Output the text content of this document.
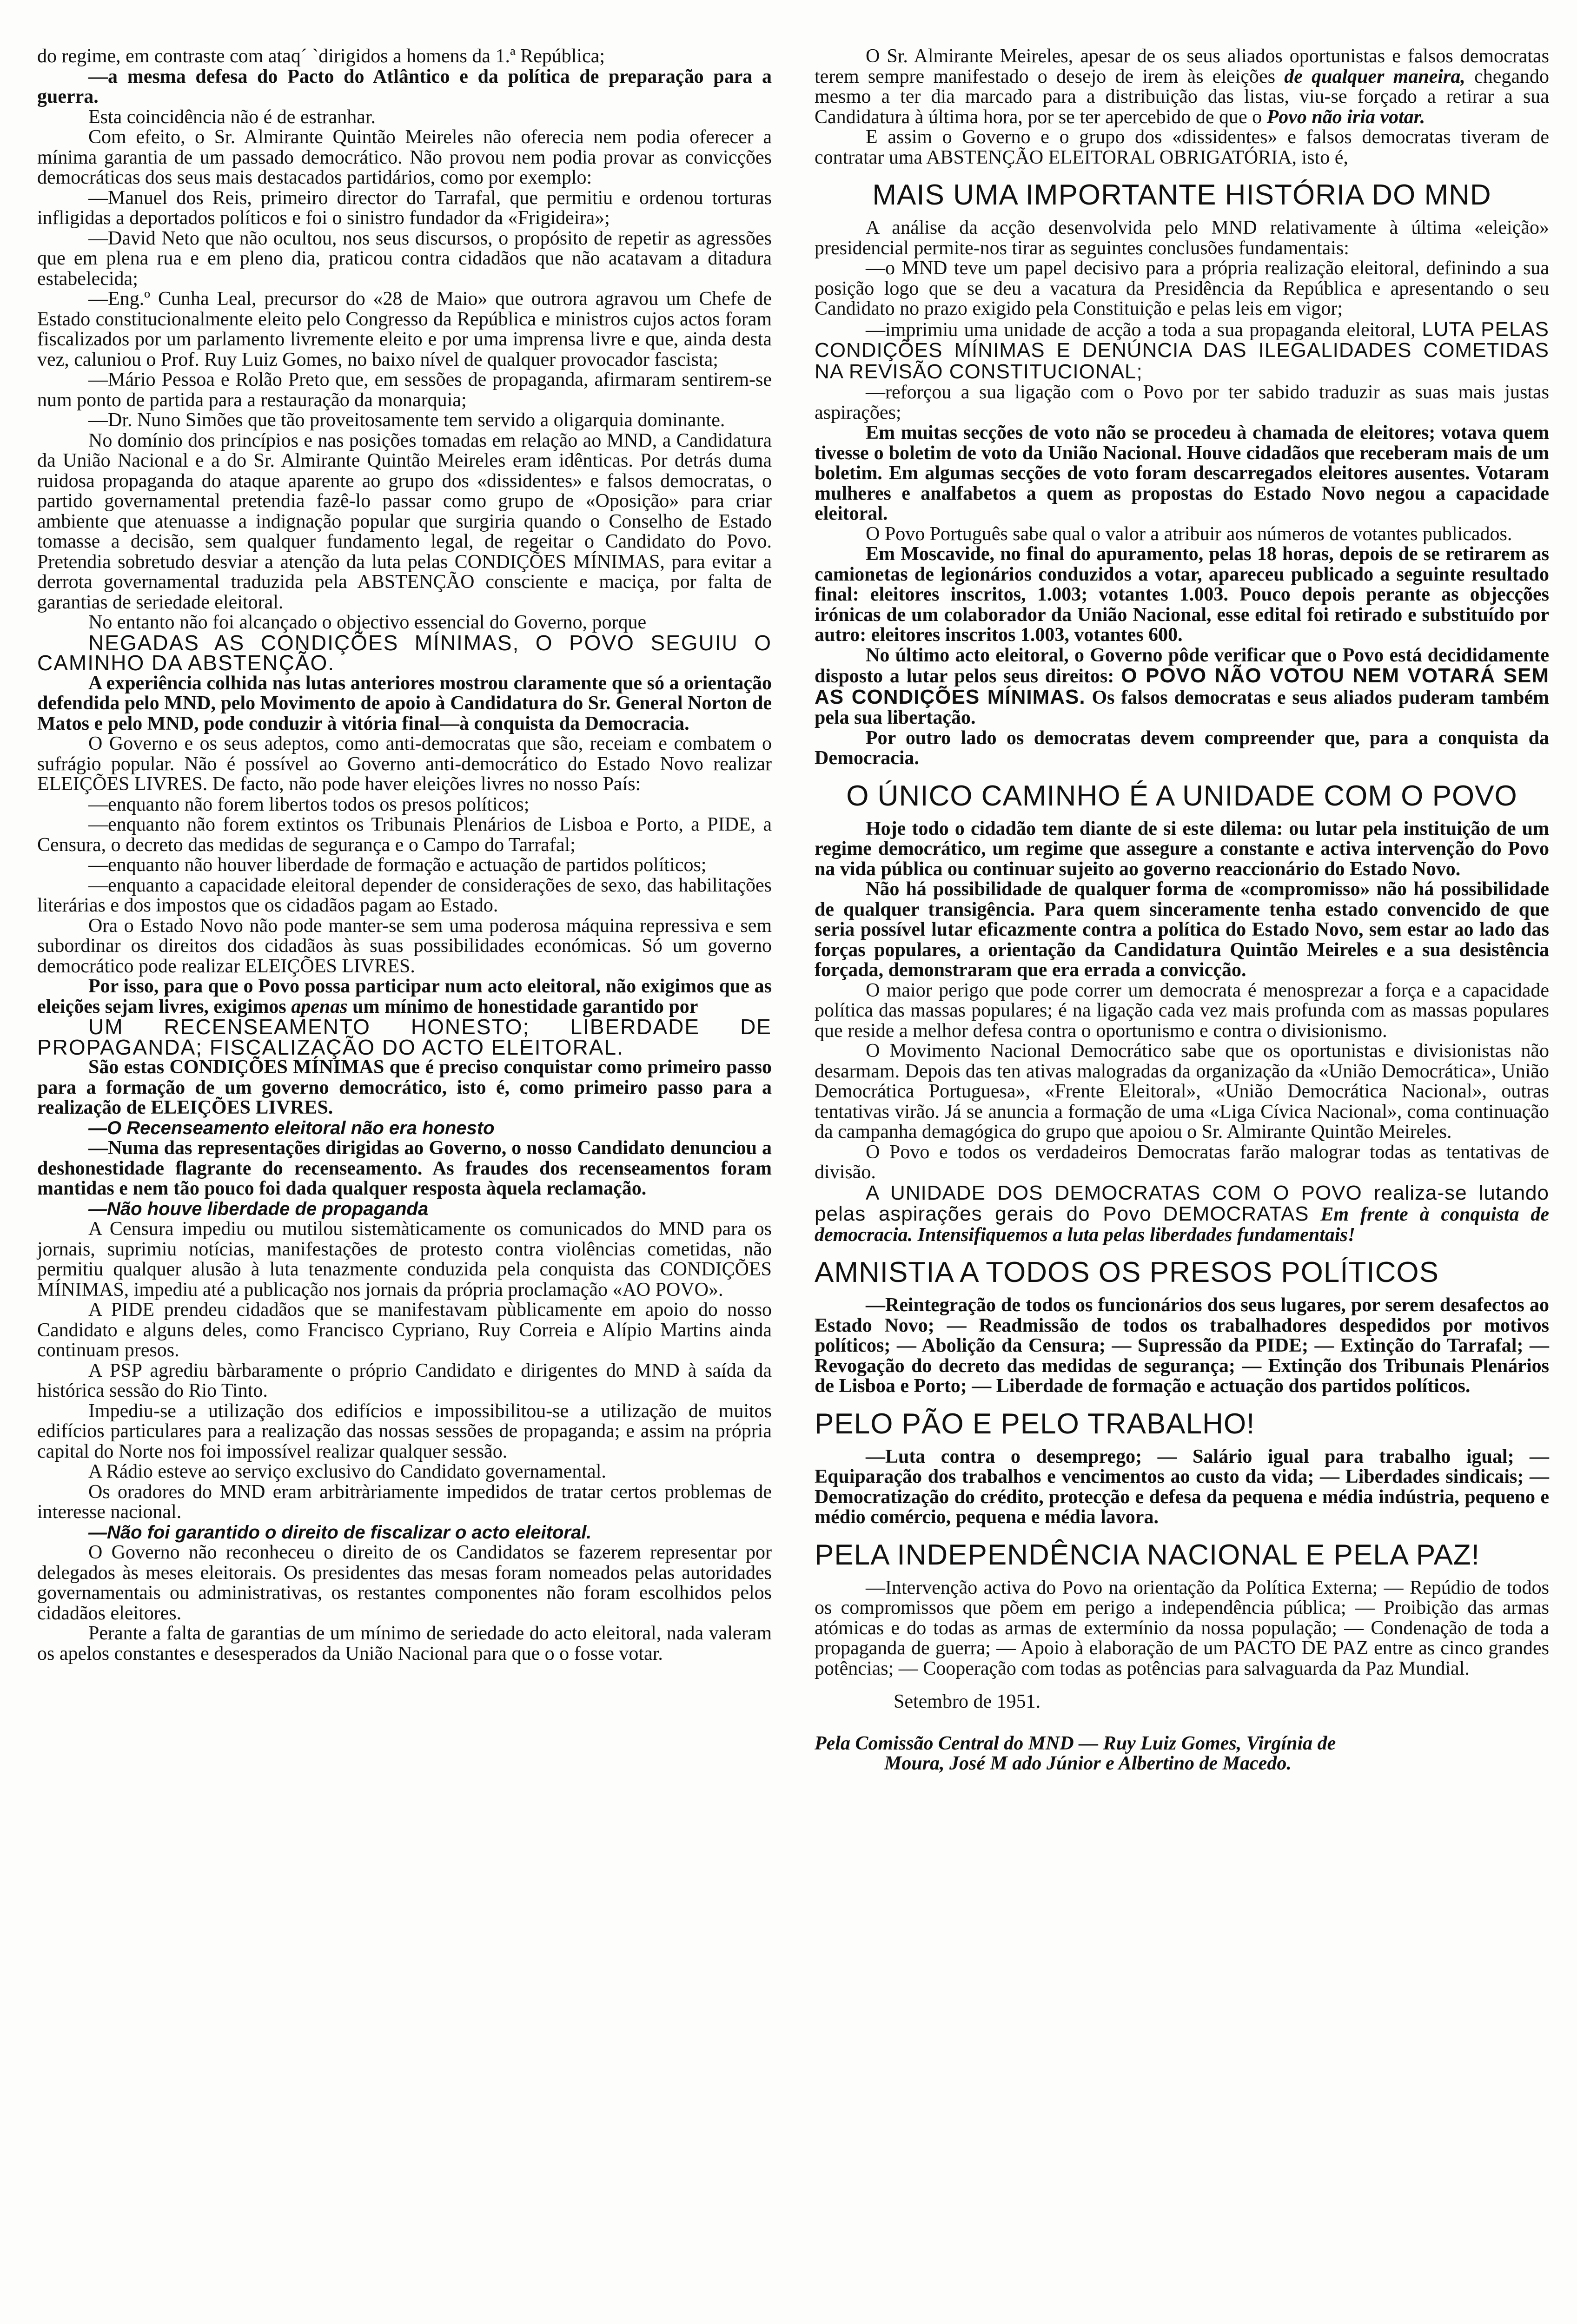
do regime, em contraste com ataq´ `dirigidos a homens da 1.ª República;

—a mesma defesa do Pacto do Atlântico e da política de preparação para a guerra.

Esta coincidência não é de estranhar.

Com efeito, o Sr. Almirante Quintão Meireles não oferecia nem podia oferecer a mínima garantia de um passado democrático. Não provou nem podia provar as convicções democráticas dos seus mais destacados partidários, como por exemplo:

—Manuel dos Reis, primeiro director do Tarrafal, que permitiu e ordenou torturas infligidas a deportados políticos e foi o sinistro fundador da «Frigideira»;

—David Neto que não ocultou, nos seus discursos, o propósito de repetir as agressões que em plena rua e em pleno dia, praticou contra cidadãos que não acatavam a ditadura estabelecida;

—Eng.º Cunha Leal, precursor do «28 de Maio» que outrora agravou um Chefe de Estado constitucionalmente eleito pelo Congresso da República e ministros cujos actos foram fiscalizados por um parlamento livremente eleito e por uma imprensa livre e que, ainda desta vez, caluniou o Prof. Ruy Luiz Gomes, no baixo nível de qualquer provocador fascista;

—Mário Pessoa e Rolão Preto que, em sessões de propaganda, afirmaram sentirem-se num ponto de partida para a restauração da monarquia;

—Dr. Nuno Simões que tão proveitosamente tem servido a oligarquia dominante.

No domínio dos princípios e nas posições tomadas em relação ao MND, a Candidatura da União Nacional e a do Sr. Almirante Quintão Meireles eram idênticas. Por detrás duma ruidosa propaganda do ataque aparente ao grupo dos «dissidentes» e falsos democratas, o partido governamental pretendia fazê-lo passar como grupo de «Oposição» para criar ambiente que atenuasse a indignação popular que surgiria quando o Conselho de Estado tomasse a decisão, sem qualquer fundamento legal, de regeitar o Candidato do Povo. Pretendia sobretudo desviar a atenção da luta pelas CONDIÇÕES MÍNIMAS, para evitar a derrota governamental traduzida pela ABSTENÇÃO consciente e maciça, por falta de garantias de seriedade eleitoral.

No entanto não foi alcançado o objectivo essencial do Governo, porque

NEGADAS AS CONDIÇÕES MÍNIMAS, O POVO SEGUIU O CAMINHO DA ABSTENÇÃO.

A experiência colhida nas lutas anteriores mostrou claramente que só a orientação defendida pelo MND, pelo Movimento de apoio à Candidatura do Sr. General Norton de Matos e pelo MND, pode conduzir à vitória final—à conquista da Democracia.

O Governo e os seus adeptos, como anti-democratas que são, receiam e combatem o sufrágio popular. Não é possível ao Governo anti-democrático do Estado Novo realizar ELEIÇÕES LIVRES. De facto, não pode haver eleições livres no nosso País:

—enquanto não forem libertos todos os presos políticos;

—enquanto não forem extintos os Tribunais Plenários de Lisboa e Porto, a PIDE, a Censura, o decreto das medidas de segurança e o Campo do Tarrafal;

—enquanto não houver liberdade de formação e actuação de partidos políticos;

—enquanto a capacidade eleitoral depender de considerações de sexo, das habilitações literárias e dos impostos que os cidadãos pagam ao Estado.

Ora o Estado Novo não pode manter-se sem uma poderosa máquina repressiva e sem subordinar os direitos dos cidadãos às suas possibilidades económicas. Só um governo democrático pode realizar ELEIÇÕES LIVRES.

Por isso, para que o Povo possa participar num acto eleitoral, não exigimos que as eleições sejam livres, exigimos apenas um mínimo de honestidade garantido por

UM RECENSEAMENTO HONESTO; LIBERDADE DE PROPAGANDA; FISCALIZAÇÃO DO ACTO ELEITORAL.

São estas CONDIÇÕES MÍNIMAS que é preciso conquistar como primeiro passo para a formação de um governo democrático, isto é, como primeiro passo para a realização de ELEIÇÕES LIVRES.

—O Recenseamento eleitoral não era honesto

—Numa das representações dirigidas ao Governo, o nosso Candidato denunciou a deshonestidade flagrante do recenseamento. As fraudes dos recenseamentos foram mantidas e nem tão pouco foi dada qualquer resposta àquela reclamação.

—Não houve liberdade de propaganda

A Censura impediu ou mutilou sistemàticamente os comunicados do MND para os jornais, suprimiu notícias, manifestações de protesto contra violências cometidas, não permitiu qualquer alusão à luta tenazmente conduzida pela conquista das CONDIÇÕES MÍNIMAS, impediu até a publicação nos jornais da própria proclamação «AO POVO».

A PIDE prendeu cidadãos que se manifestavam pùblicamente em apoio do nosso Candidato e alguns deles, como Francisco Cypriano, Ruy Correia e Alípio Martins ainda continuam presos.

A PSP agrediu bàrbaramente o próprio Candidato e dirigentes do MND à saída da histórica sessão do Rio Tinto.

Impediu-se a utilização dos edifícios e impossibilitou-se a utilização de muitos edifícios particulares para a realização das nossas sessões de propaganda; e assim na própria capital do Norte nos foi impossível realizar qualquer sessão.

A Rádio esteve ao serviço exclusivo do Candidato governamental.

Os oradores do MND eram arbitràriamente impedidos de tratar certos problemas de interesse nacional.

—Não foi garantido o direito de fiscalizar o acto eleitoral.

O Governo não reconheceu o direito de os Candidatos se fazerem representar por delegados às meses eleitorais. Os presidentes das mesas foram nomeados pelas autoridades governamentais ou administrativas, os restantes componentes não foram escolhidos pelos cidadãos eleitores.

Perante a falta de garantias de um mínimo de seriedade do acto eleitoral, nada valeram os apelos constantes e desesperados da União Nacional para que o o fosse votar.

O Sr. Almirante Meireles, apesar de os seus aliados oportunistas e falsos democratas terem sempre manifestado o desejo de irem às eleições de qualquer maneira, chegando mesmo a ter dia marcado para a distribuição das listas, viu-se forçado a retirar a sua Candidatura à última hora, por se ter apercebido de que o Povo não iria votar.

E assim o Governo e o grupo dos «dissidentes» e falsos democratas tiveram de contratar uma ABSTENÇÃO ELEITORAL OBRIGATÓRIA, isto é,

MAIS UMA IMPORTANTE HISTÓRIA DO MND

A análise da acção desenvolvida pelo MND relativamente à última «eleição» presidencial permite-nos tirar as seguintes conclusões fundamentais:

—o MND teve um papel decisivo para a própria realização eleitoral, definindo a sua posição logo que se deu a vacatura da Presidência da República e apresentando o seu Candidato no prazo exigido pela Constituição e pelas leis em vigor;

—imprimiu uma unidade de acção a toda a sua propaganda eleitoral, LUTA PELAS CONDIÇÕES MÍNIMAS E DENÚNCIA DAS ILEGALIDADES COMETIDAS NA REVISÃO CONSTITUCIONAL;

—reforçou a sua ligação com o Povo por ter sabido traduzir as suas mais justas aspirações;

Em muitas secções de voto não se procedeu à chamada de eleitores; votava quem tivesse o boletim de voto da União Nacional. Houve cidadãos que receberam mais de um boletim. Em algumas secções de voto foram descarregados eleitores ausentes. Votaram mulheres e analfabetos a quem as propostas do Estado Novo negou a capacidade eleitoral.

O Povo Português sabe qual o valor a atribuir aos números de votantes publicados.

Em Moscavide, no final do apuramento, pelas 18 horas, depois de se retirarem as camionetas de legionários conduzidos a votar, apareceu publicado a seguinte resultado final: eleitores inscritos, 1.003; votantes 1.003. Pouco depois perante as objecções irónicas de um colaborador da União Nacional, esse edital foi retirado e substituído por autro: eleitores inscritos 1.003, votantes 600.

No último acto eleitoral, o Governo pôde verificar que o Povo está decididamente disposto a lutar pelos seus direitos: O POVO NÃO VOTOU NEM VOTARÁ SEM AS CONDIÇÕES MÍNIMAS. Os falsos democratas e seus aliados puderam também pela sua libertação.

Por outro lado os democratas devem compreender que, para a conquista da Democracia.

O ÚNICO CAMINHO É A UNIDADE COM O POVO

Hoje todo o cidadão tem diante de si este dilema: ou lutar pela instituição de um regime democrático, um regime que assegure a constante e activa intervenção do Povo na vida pública ou continuar sujeito ao governo reaccionário do Estado Novo.

Não há possibilidade de qualquer forma de «compromisso» não há possibilidade de qualquer transigência. Para quem sinceramente tenha estado convencido de que seria possível lutar eficazmente contra a política do Estado Novo, sem estar ao lado das forças populares, a orientação da Candidatura Quintão Meireles e a sua desistência forçada, demonstraram que era errada a convicção.

O maior perigo que pode correr um democrata é menosprezar a força e a capacidade política das massas populares; é na ligação cada vez mais profunda com as massas populares que reside a melhor defesa contra o oportunismo e contra o divisionismo.

O Movimento Nacional Democrático sabe que os oportunistas e divisionistas não desarmam. Depois das ten ativas malogradas da organização da «União Democrática», União Democrática Portuguesa», «Frente Eleitoral», «União Democrática Nacional», outras tentativas virão. Já se anuncia a formação de uma «Liga Cívica Nacional», coma continuação da campanha demagógica do grupo que apoiou o Sr. Almirante Quintão Meireles.

O Povo e todos os verdadeiros Democratas farão malograr todas as tentativas de divisão.

A UNIDADE DOS DEMOCRATAS COM O POVO realiza-se lutando pelas aspirações gerais do Povo DEMOCRATAS Em frente à conquista de democracia. Intensifiquemos a luta pelas liberdades fundamentais!

AMNISTIA A TODOS OS PRESOS POLÍTICOS

—Reintegração de todos os funcionários dos seus lugares, por serem desafectos ao Estado Novo; — Readmissão de todos os trabalhadores despedidos por motivos políticos; — Abolição da Censura; — Supressão da PIDE; — Extinção do Tarrafal; — Revogação do decreto das medidas de segurança; — Extinção dos Tribunais Plenários de Lisboa e Porto; — Liberdade de formação e actuação dos partidos políticos.

PELO PÃO E PELO TRABALHO!

—Luta contra o desemprego; — Salário igual para trabalho igual; — Equiparação dos trabalhos e vencimentos ao custo da vida; — Liberdades sindicais; — Democratização do crédito, protecção e defesa da pequena e média indústria, pequeno e médio comércio, pequena e média lavora.

PELA INDEPENDÊNCIA NACIONAL E PELA PAZ!

—Intervenção activa do Povo na orientação da Política Externa; — Repúdio de todos os compromissos que põem em perigo a independência pública; — Proibição das armas atómicas e do todas as armas de extermínio da nossa população; — Condenação de toda a propaganda de guerra; — Apoio à elaboração de um PACTO DE PAZ entre as cinco grandes potências; — Cooperação com todas as potências para salvaguarda da Paz Mundial.

Setembro de 1951.

Pela Comissão Central do MND — Ruy Luiz Gomes, Virgínia de

Moura, José M ado Júnior e Albertino de Macedo.
